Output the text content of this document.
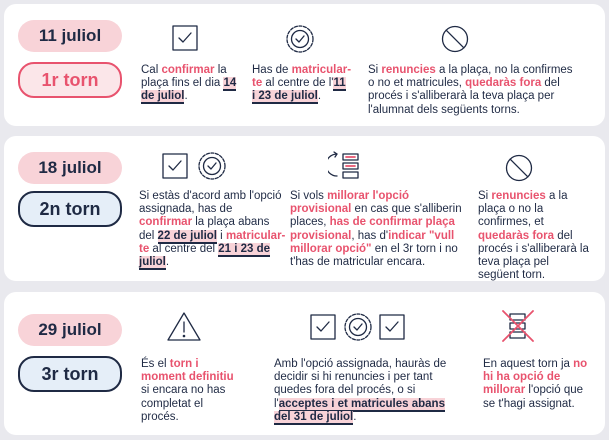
11 juliol
1r torn	Cal confirmar la plaça fins el dia 14 de juliol.

Has de matricular-te al centre de l'11 i 23 de juliol.

Si renuncies a la plaça, no la confirmes o no et matricules, quedaràs fora del procés i s'alliberarà la teva plaça per l'alumnat dels següents torns.

18 juliol
2n torn

Si estàs d'acord amb l'opció assignada, has de confirmar la plaça abans del 22 de juliol i matricular-te al centre del 21 i 23 de juliol.

Si vols millorar l'opció provisional en cas que s'alliberin places, has de confirmar plaça provisional, has d'indicar "vull millorar opció" en el 3r torn i no t'has de matricular encara.

Si renuncies a la plaça o no la confirmes, et quedaràs fora del procés i s'alliberarà la teva plaça pel següent torn.

29 juliol
3r torn	És el torn i moment definitiu si encara no has completat el procés.

Amb l'opció assignada, hauràs de decidir si hi renuncies i per tant quedes fora del procés, o si l'acceptes i et matricules abans del 31 de juliol.

En aquest torn ja no hi ha opció de millorar l'opció que se t'hagi assignat.
